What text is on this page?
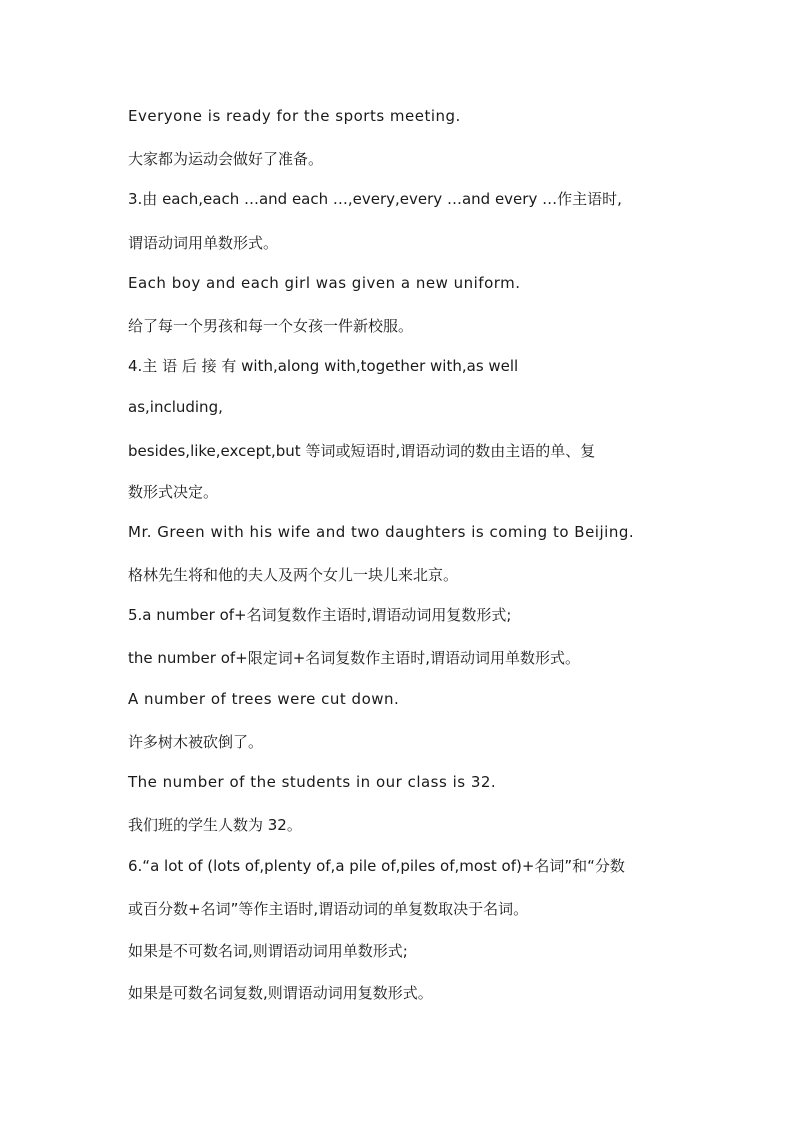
Everyone is ready for the sports meeting.
大家都为运动会做好了准备。
3.由 each,each …and each …,every,every …and every …作主语时,
谓语动词用单数形式。
Each boy and each girl was given a new uniform.
给了每一个男孩和每一个女孩一件新校服。
4.主 语 后 接 有 with,along with,together with,as well
as,including,
besides,like,except,but 等词或短语时,谓语动词的数由主语的单、复
数形式决定。
Mr. Green with his wife and two daughters is coming to Beijing.
格林先生将和他的夫人及两个女儿一块儿来北京。
5.a number of+名词复数作主语时,谓语动词用复数形式;
the number of+限定词+名词复数作主语时,谓语动词用单数形式。
A number of trees were cut down.
许多树木被砍倒了。
The number of the students in our class is 32.
我们班的学生人数为 32。
6.“a lot of (lots of,plenty of,a pile of,piles of,most of)+名词”和“分数
或百分数+名词”等作主语时,谓语动词的单复数取决于名词。
如果是不可数名词,则谓语动词用单数形式;
如果是可数名词复数,则谓语动词用复数形式。
